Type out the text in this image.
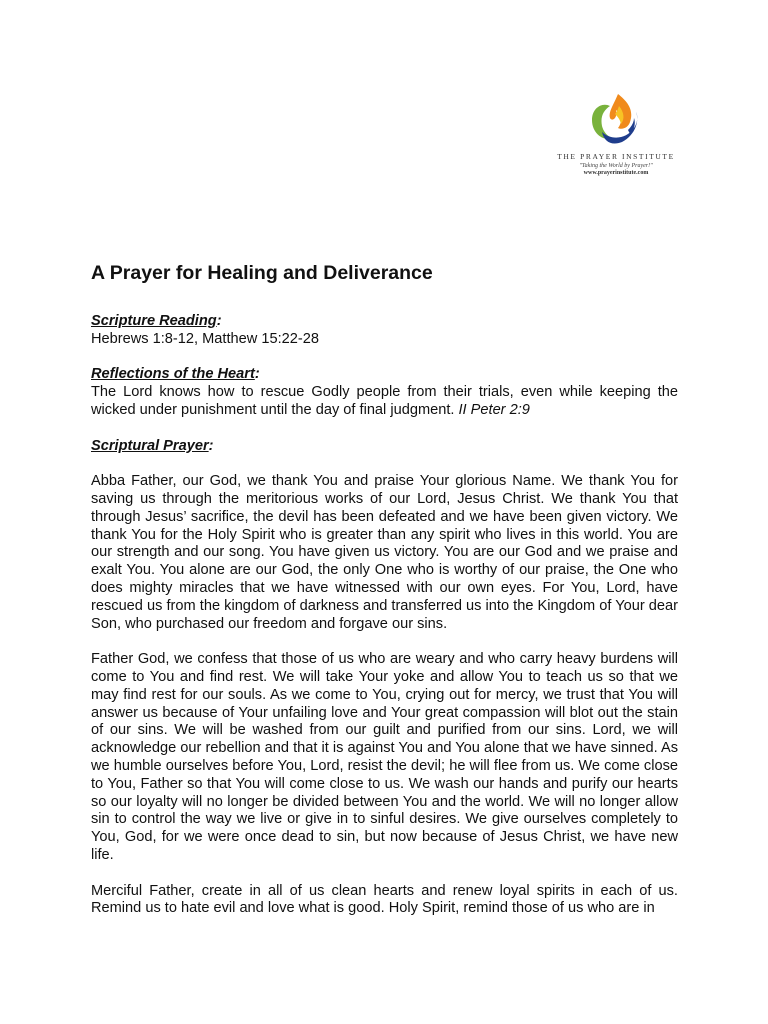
THE PRAYER INSTITUTE
"Taking the World by Prayer!"
www.prayerinstitute.com
A Prayer for Healing and Deliverance

Scripture Reading:

Hebrews 1:8-12, Matthew 15:22-28

Reflections of the Heart:

The Lord knows how to rescue Godly people from their trials, even while keeping the wicked under punishment until the day of final judgment. II Peter 2:9

Scriptural Prayer:

Abba Father, our God, we thank You and praise Your glorious Name. We thank You for saving us through the meritorious works of our Lord, Jesus Christ. We thank You that through Jesus’ sacrifice, the devil has been defeated and we have been given victory. We thank You for the Holy Spirit who is greater than any spirit who lives in this world. You are our strength and our song. You have given us victory. You are our God and we praise and exalt You. You alone are our God, the only One who is worthy of our praise, the One who does mighty miracles that we have witnessed with our own eyes. For You, Lord, have rescued us from the kingdom of darkness and transferred us into the Kingdom of Your dear Son, who purchased our freedom and forgave our sins.

Father God, we confess that those of us who are weary and who carry heavy burdens will come to You and find rest. We will take Your yoke and allow You to teach us so that we may find rest for our souls. As we come to You, crying out for mercy, we trust that You will answer us because of Your unfailing love and Your great compassion will blot out the stain of our sins. We will be washed from our guilt and purified from our sins. Lord, we will acknowledge our rebellion and that it is against You and You alone that we have sinned. As we humble ourselves before You, Lord, resist the devil; he will flee from us. We come close to You, Father so that You will come close to us. We wash our hands and purify our hearts so our loyalty will no longer be divided between You and the world. We will no longer allow sin to control the way we live or give in to sinful desires. We give ourselves completely to You, God, for we were once dead to sin, but now because of Jesus Christ, we have new life.

Merciful Father, create in all of us clean hearts and renew loyal spirits in each of us. Remind us to hate evil and love what is good. Holy Spirit, remind those of us who are in
